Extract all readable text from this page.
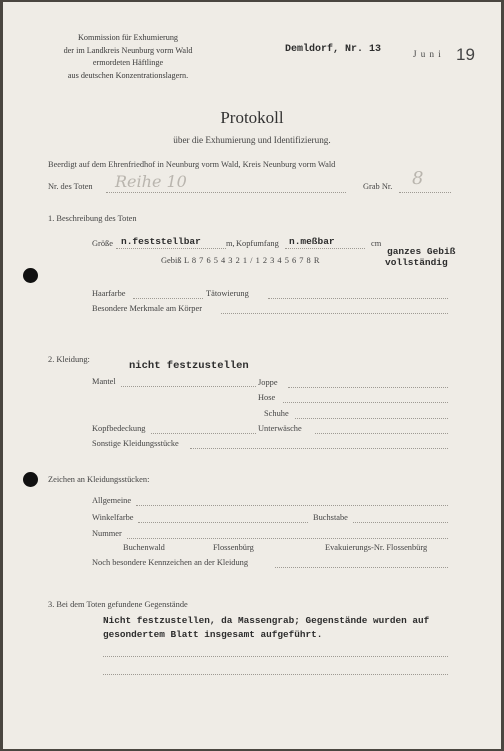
Kommission für Exhumierung
der im Landkreis Neunburg vorm Wald
ermordeten Häftlinge
aus deutschen Konzentrationslagern.
Demldorf, Nr. 13	J u n i 19
Protokoll
über die Exhumierung und Identifizierung.
Beerdigt auf dem Ehrenfriedhof in Neunburg vorm Wald, Kreis Neunburg vorm Wald
Nr. des Toten Reihe 10	Grab Nr. 8
1. Beschreibung des Toten
Größe n.feststellbar	m, Kopfumfang n.meßbar	cm
Gebiß L 8 7 6 5 4 3 2 1 / 1 2 3 4 5 6 7 8 R
ganzes Gebiß
vollständig
Haarfarbe	Tätowierung
Besondere Merkmale am Körper
2. Kleidung:
nicht festzustellen
Mantel	Joppe
Hose
Schuhe
Kopfbedeckung	Unterwäsche
Sonstige Kleidungsstücke
Zeichen an Kleidungsstücken:
Allgemeine
Winkelfarbe	Buchstabe
Nummer
Buchenwald	Flossenbürg	Evakuierungs-Nr. Flossenbürg
Noch besondere Kennzeichen an der Kleidung
3. Bei dem Toten gefundene Gegenstände
Nicht festzustellen, da Massengrab; Gegenstände wurden auf
gesondertem Blatt insgesamt aufgeführt.
